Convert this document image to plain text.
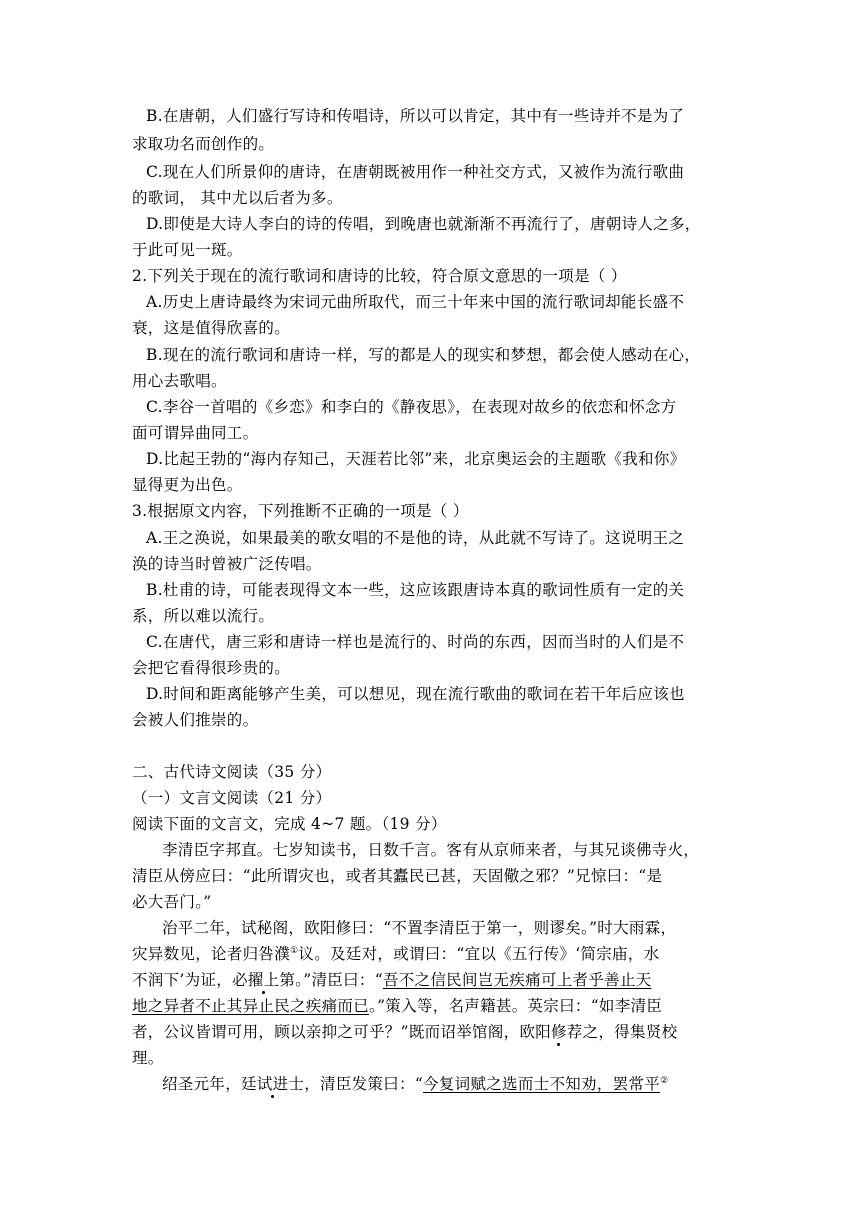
B.在唐朝，人们盛行写诗和传唱诗，所以可以肯定，其中有一些诗并不是为了
求取功名而创作的。
C.现在人们所景仰的唐诗，在唐朝既被用作一种社交方式，又被作为流行歌曲
的歌词， 其中尤以后者为多。
D.即使是大诗人李白的诗的传唱，到晚唐也就渐渐不再流行了，唐朝诗人之多，
于此可见一斑。
2.下列关于现在的流行歌词和唐诗的比较，符合原文意思的一项是（ ）
A.历史上唐诗最终为宋词元曲所取代，而三十年来中国的流行歌词却能长盛不
衰，这是值得欣喜的。
B.现在的流行歌词和唐诗一样，写的都是人的现实和梦想，都会使人感动在心，
用心去歌唱。
C.李谷一首唱的《乡恋》和李白的《静夜思》，在表现对故乡的依恋和怀念方
面可谓异曲同工。
D.比起王勃的“海内存知己，天涯若比邻”来，北京奥运会的主题歌《我和你》
显得更为出色。
3.根据原文内容，下列推断不正确的一项是（ ）
A.王之涣说，如果最美的歌女唱的不是他的诗，从此就不写诗了。这说明王之
涣的诗当时曾被广泛传唱。
B.杜甫的诗，可能表现得文本一些，这应该跟唐诗本真的歌词性质有一定的关
系，所以难以流行。
C.在唐代，唐三彩和唐诗一样也是流行的、时尚的东西，因而当时的人们是不
会把它看得很珍贵的。
D.时间和距离能够产生美，可以想见，现在流行歌曲的歌词在若干年后应该也
会被人们推崇的。
二、古代诗文阅读（35 分）
（一）文言文阅读（21 分）
阅读下面的文言文，完成 4~7 题。（19 分）
李清臣字邦直。七岁知读书，日数千言。客有从京师来者，与其兄谈佛寺火，
清臣从傍应曰：“此所谓灾也，或者其蠹民已甚，天固儆之邪？”兄惊曰：“是
必大吾门。”
治平二年，试秘阁，欧阳修曰：“不置李清臣于第一，则谬矣。”时大雨霖，
灾异数见，论者归咎濮①议。及廷对，或谓曰：“宜以《五行传》‘简宗庙，水
不润下’为证，必擢上第。”清臣曰：“吾不之信民间岂无疾痛可上者乎善止天
地之异者不止其异止民之疾痛而已。”策入等，名声籍甚。英宗曰：“如李清臣
者，公议皆谓可用，顾以亲抑之可乎？”既而诏举馆阁，欧阳修荐之，得集贤校
理。
绍圣元年，廷试进士，清臣发策曰：“今复词赋之选而士不知劝，罢常平②
